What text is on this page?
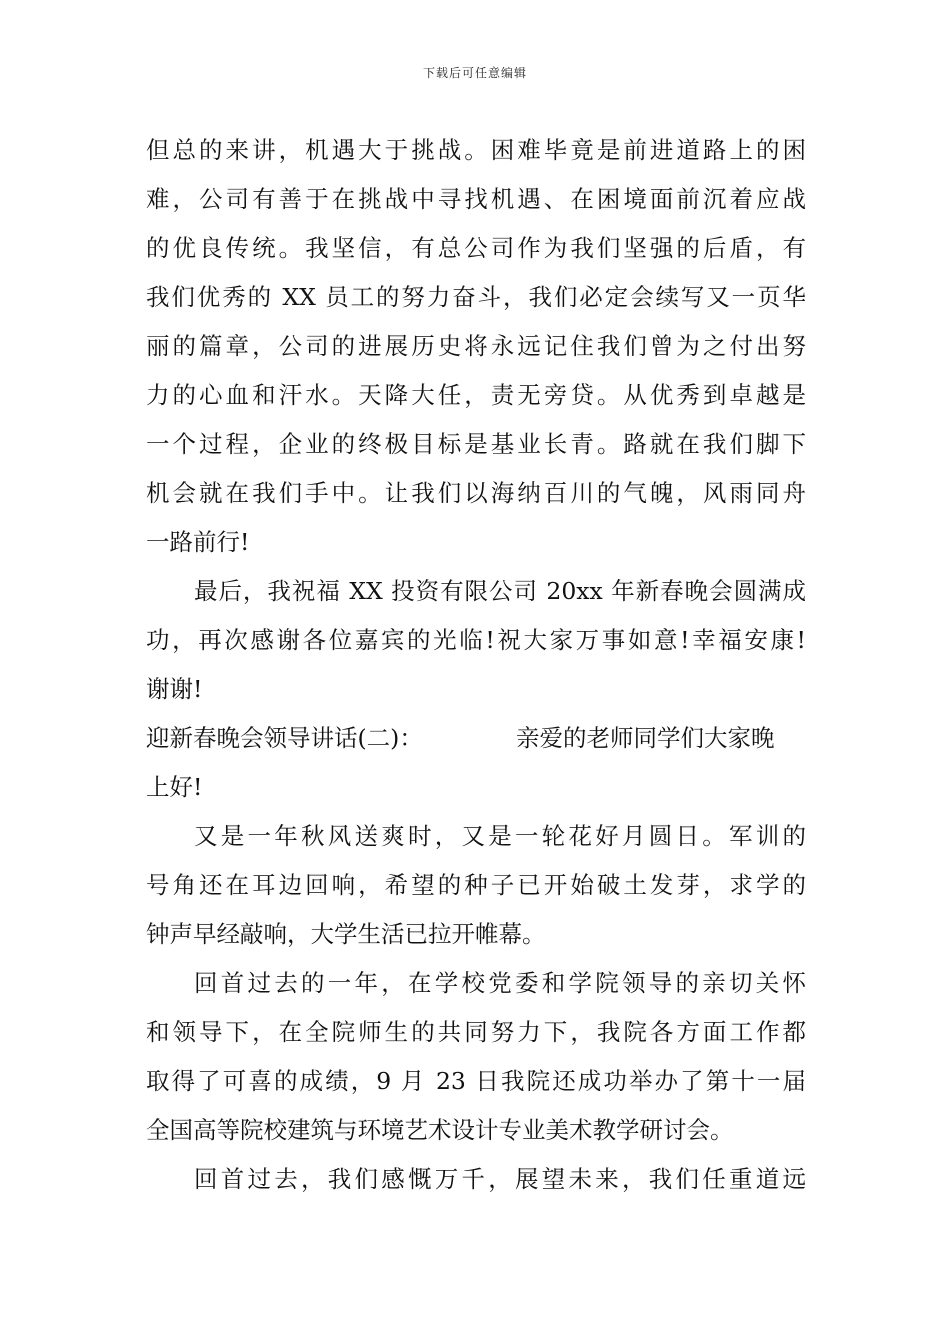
下载后可任意编辑
但总的来讲，机遇大于挑战。困难毕竟是前进道路上的困
难，公司有善于在挑战中寻找机遇、在困境面前沉着应战
的优良传统。我坚信，有总公司作为我们坚强的后盾，有
我们优秀的 XX 员工的努力奋斗，我们必定会续写又一页华
丽的篇章，公司的进展历史将永远记住我们曾为之付出努
力的心血和汗水。天降大任，责无旁贷。从优秀到卓越是
一个过程，企业的终极目标是基业长青。路就在我们脚下
机会就在我们手中。让我们以海纳百川的气魄，风雨同舟
一路前行!
最后，我祝福 XX 投资有限公司 20xx 年新春晚会圆满成
功，再次感谢各位嘉宾的光临!祝大家万事如意!幸福安康!
谢谢!
迎新春晚会领导讲话(二)：	亲爱的老师同学们大家晚
上好!
又是一年秋风送爽时，又是一轮花好月圆日。军训的
号角还在耳边回响，希望的种子已开始破土发芽，求学的
钟声早经敲响，大学生活已拉开帷幕。
回首过去的一年，在学校党委和学院领导的亲切关怀
和领导下，在全院师生的共同努力下，我院各方面工作都
取得了可喜的成绩，9 月 23 日我院还成功举办了第十一届
全国高等院校建筑与环境艺术设计专业美术教学研讨会。
回首过去，我们感慨万千，展望未来，我们任重道远
